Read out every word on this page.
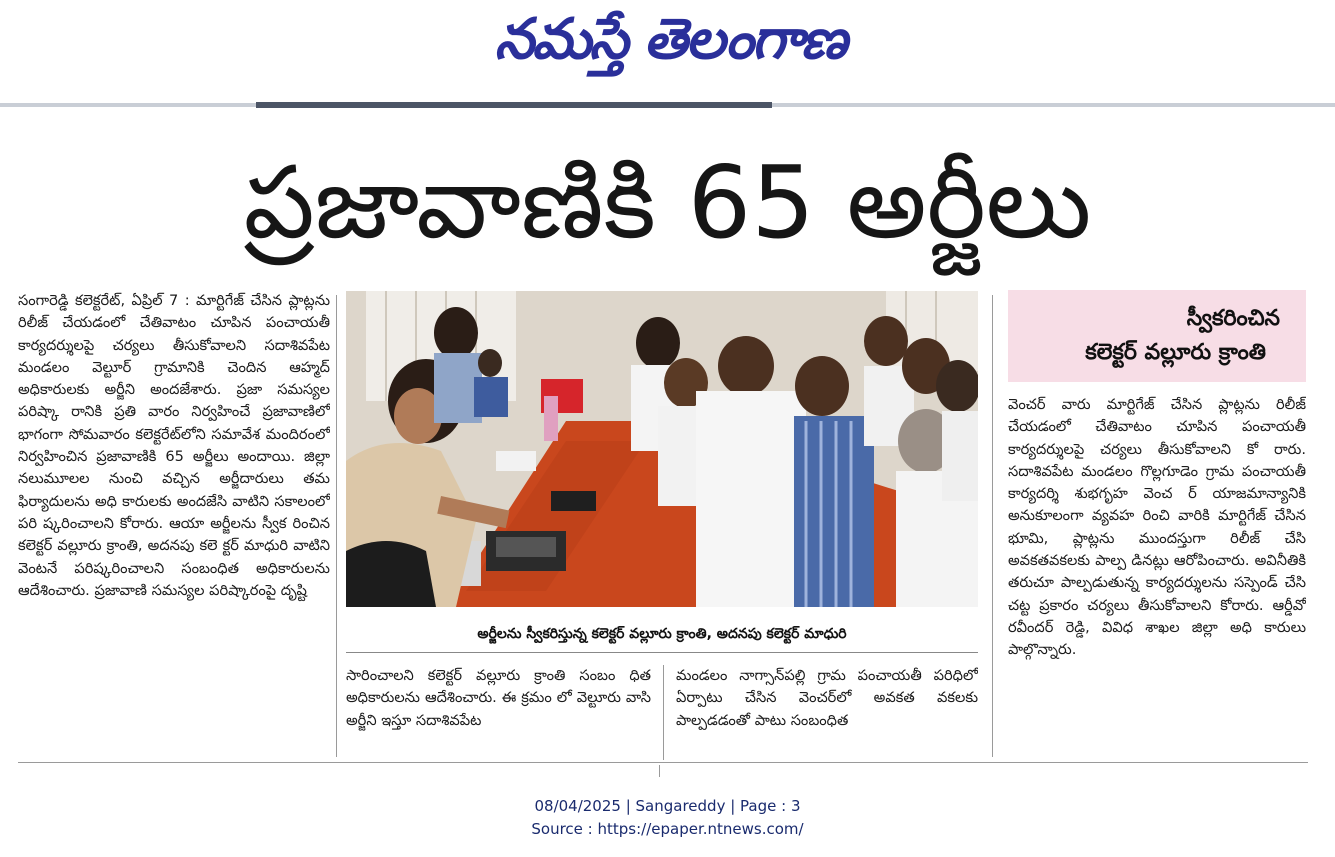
నమస్తే తెలంగాణ
ప్రజావాణికి 65 అర్జీలు
సంగారెడ్డి కలెక్టరేట్, ఏప్రిల్ 7 : మార్టిగేజ్ చేసిన ప్లాట్లను రిలీజ్ చేయడంలో చేతివాటం చూపిన పంచాయతీ కార్యదర్శులపై చర్యలు తీసుకోవాలని సదాశివపేట మండలం వెల్టూర్ గ్రామానికి చెందిన ఆహ్మద్ అధికారులకు అర్జీని అందజేశారు. ప్రజా సమస్యల పరిష్కా రానికి ప్రతి వారం నిర్వహించే ప్రజావాణిలో భాగంగా సోమవారం కలెక్టరేట్‌లోని సమావేశ మందిరంలో నిర్వహించిన ప్రజావాణికి 65 అర్జీలు అందాయి. జిల్లా నలుమూలల నుంచి వచ్చిన అర్జీదారులు తమ ఫిర్యాదులను అధి కారులకు అందజేసి వాటిని సకాలంలో పరి ష్కరించాలని కోరారు. ఆయా అర్జీలను స్వీక రించిన కలెక్టర్ వల్లూరు క్రాంతి, అదనపు కలె క్టర్ మాధురి వాటిని వెంటనే పరిష్కరించాలని సంబంధిత అధికారులను ఆదేశించారు. ప్రజావాణి సమస్యల పరిష్కారంపై దృష్టి
అర్జీలను స్వీకరిస్తున్న కలెక్టర్ వల్లూరు క్రాంతి, అదనపు కలెక్టర్ మాధురి
సారించాలని కలెక్టర్ వల్లూరు క్రాంతి సంబం ధిత అధికారులను ఆదేశించారు. ఈ క్రమం లో వెల్టూరు వాసి అర్జీని ఇస్తూ సదాశివపేట
మండలం నాగ్సాన్‌పల్లి గ్రామ పంచాయతీ పరిధిలో ఏర్పాటు చేసిన వెంచర్‌లో అవకత వకలకు పాల్పడడంతో పాటు సంబంధిత
స్వీకరించిన
కలెక్టర్ వల్లూరు క్రాంతి
వెంచర్ వారు మార్టిగేజ్ చేసిన ప్లాట్లను రిలీజ్ చేయడంలో చేతివాటం చూపిన పంచాయతీ కార్యదర్శులపై చర్యలు తీసుకోవాలని కో రారు. సదాశివపేట మండలం గొల్లగూడెం గ్రామ పంచాయతీ కార్యదర్శి శుభగృహ వెంచ ర్ యాజమాన్యానికి అనుకూలంగా వ్యవహ రించి వారికి మార్టిగేజ్ చేసిన భూమి, ప్లాట్లను ముందస్తుగా రిలీజ్ చేసి అవకతవకలకు పాల్ప డినట్లు ఆరోపించారు. అవినీతికి తరుచూ పాల్పడుతున్న కార్యదర్శులను సస్పెండ్ చేసి చట్ట ప్రకారం చర్యలు తీసుకోవాలని కోరారు. ఆర్డీవో రవీందర్ రెడ్డి, వివిధ శాఖల జిల్లా అధి కారులు పాల్గొన్నారు.
08/04/2025 | Sangareddy | Page : 3
Source : https://epaper.ntnews.com/
